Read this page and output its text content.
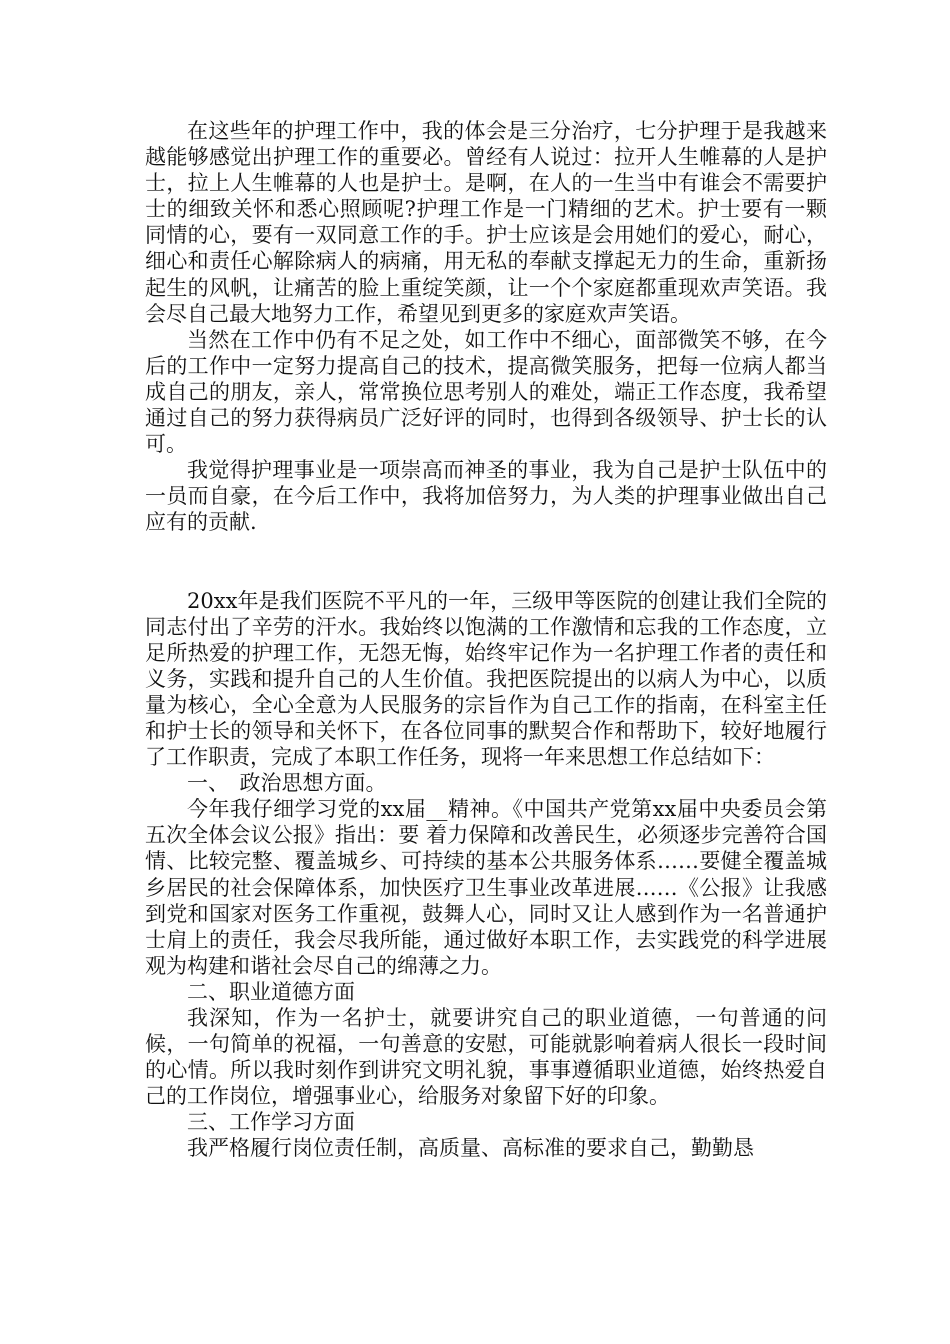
在这些年的护理工作中，我的体会是三分治疗，七分护理于是我越来越能够感觉出护理工作的重要必。曾经有人说过：拉开人生帷幕的人是护士，拉上人生帷幕的人也是护士。是啊，在人的一生当中有谁会不需要护士的细致关怀和悉心照顾呢?护理工作是一门精细的艺术。护士要有一颗同情的心，要有一双同意工作的手。护士应该是会用她们的爱心，耐心，细心和责任心解除病人的病痛，用无私的奉献支撑起无力的生命，重新扬起生的风帆，让痛苦的脸上重绽笑颜，让一个个家庭都重现欢声笑语。我会尽自己最大地努力工作，希望见到更多的家庭欢声笑语。

当然在工作中仍有不足之处，如工作中不细心，面部微笑不够，在今后的工作中一定努力提高自己的技术，提高微笑服务，把每一位病人都当成自己的朋友，亲人，常常换位思考别人的难处，端正工作态度，我希望通过自己的努力获得病员广泛好评的同时，也得到各级领导、护士长的认可。

我觉得护理事业是一项崇高而神圣的事业，我为自己是护士队伍中的一员而自豪，在今后工作中，我将加倍努力，为人类的护理事业做出自己应有的贡献.

20xx年是我们医院不平凡的一年，三级甲等医院的创建让我们全院的同志付出了辛劳的汗水。我始终以饱满的工作激情和忘我的工作态度，立足所热爱的护理工作，无怨无悔，始终牢记作为一名护理工作者的责任和义务，实践和提升自己的人生价值。我把医院提出的以病人为中心，以质量为核心，全心全意为人民服务的宗旨作为自己工作的指南，在科室主任和护士长的领导和关怀下，在各位同事的默契合作和帮助下，较好地履行了工作职责，完成了本职工作任务，现将一年来思想工作总结如下：

一、　政治思想方面。

今年我仔细学习党的xx届__精神。《中国共产党第xx届中央委员会第五次全体会议公报》指出：要 着力保障和改善民生，必须逐步完善符合国情、比较完整、覆盖城乡、可持续的基本公共服务体系……要健全覆盖城乡居民的社会保障体系，加快医疗卫生事业改革进展……《公报》让我感到党和国家对医务工作重视，鼓舞人心，同时又让人感到作为一名普通护士肩上的责任，我会尽我所能，通过做好本职工作，去实践党的科学进展观为构建和谐社会尽自己的绵薄之力。

二、职业道德方面

我深知，作为一名护士，就要讲究自己的职业道德，一句普通的问候，一句简单的祝福，一句善意的安慰，可能就影响着病人很长一段时间的心情。所以我时刻作到讲究文明礼貌，事事遵循职业道德，始终热爱自己的工作岗位，增强事业心，给服务对象留下好的印象。

三、工作学习方面

我严格履行岗位责任制，高质量、高标准的要求自己，勤勤恳
